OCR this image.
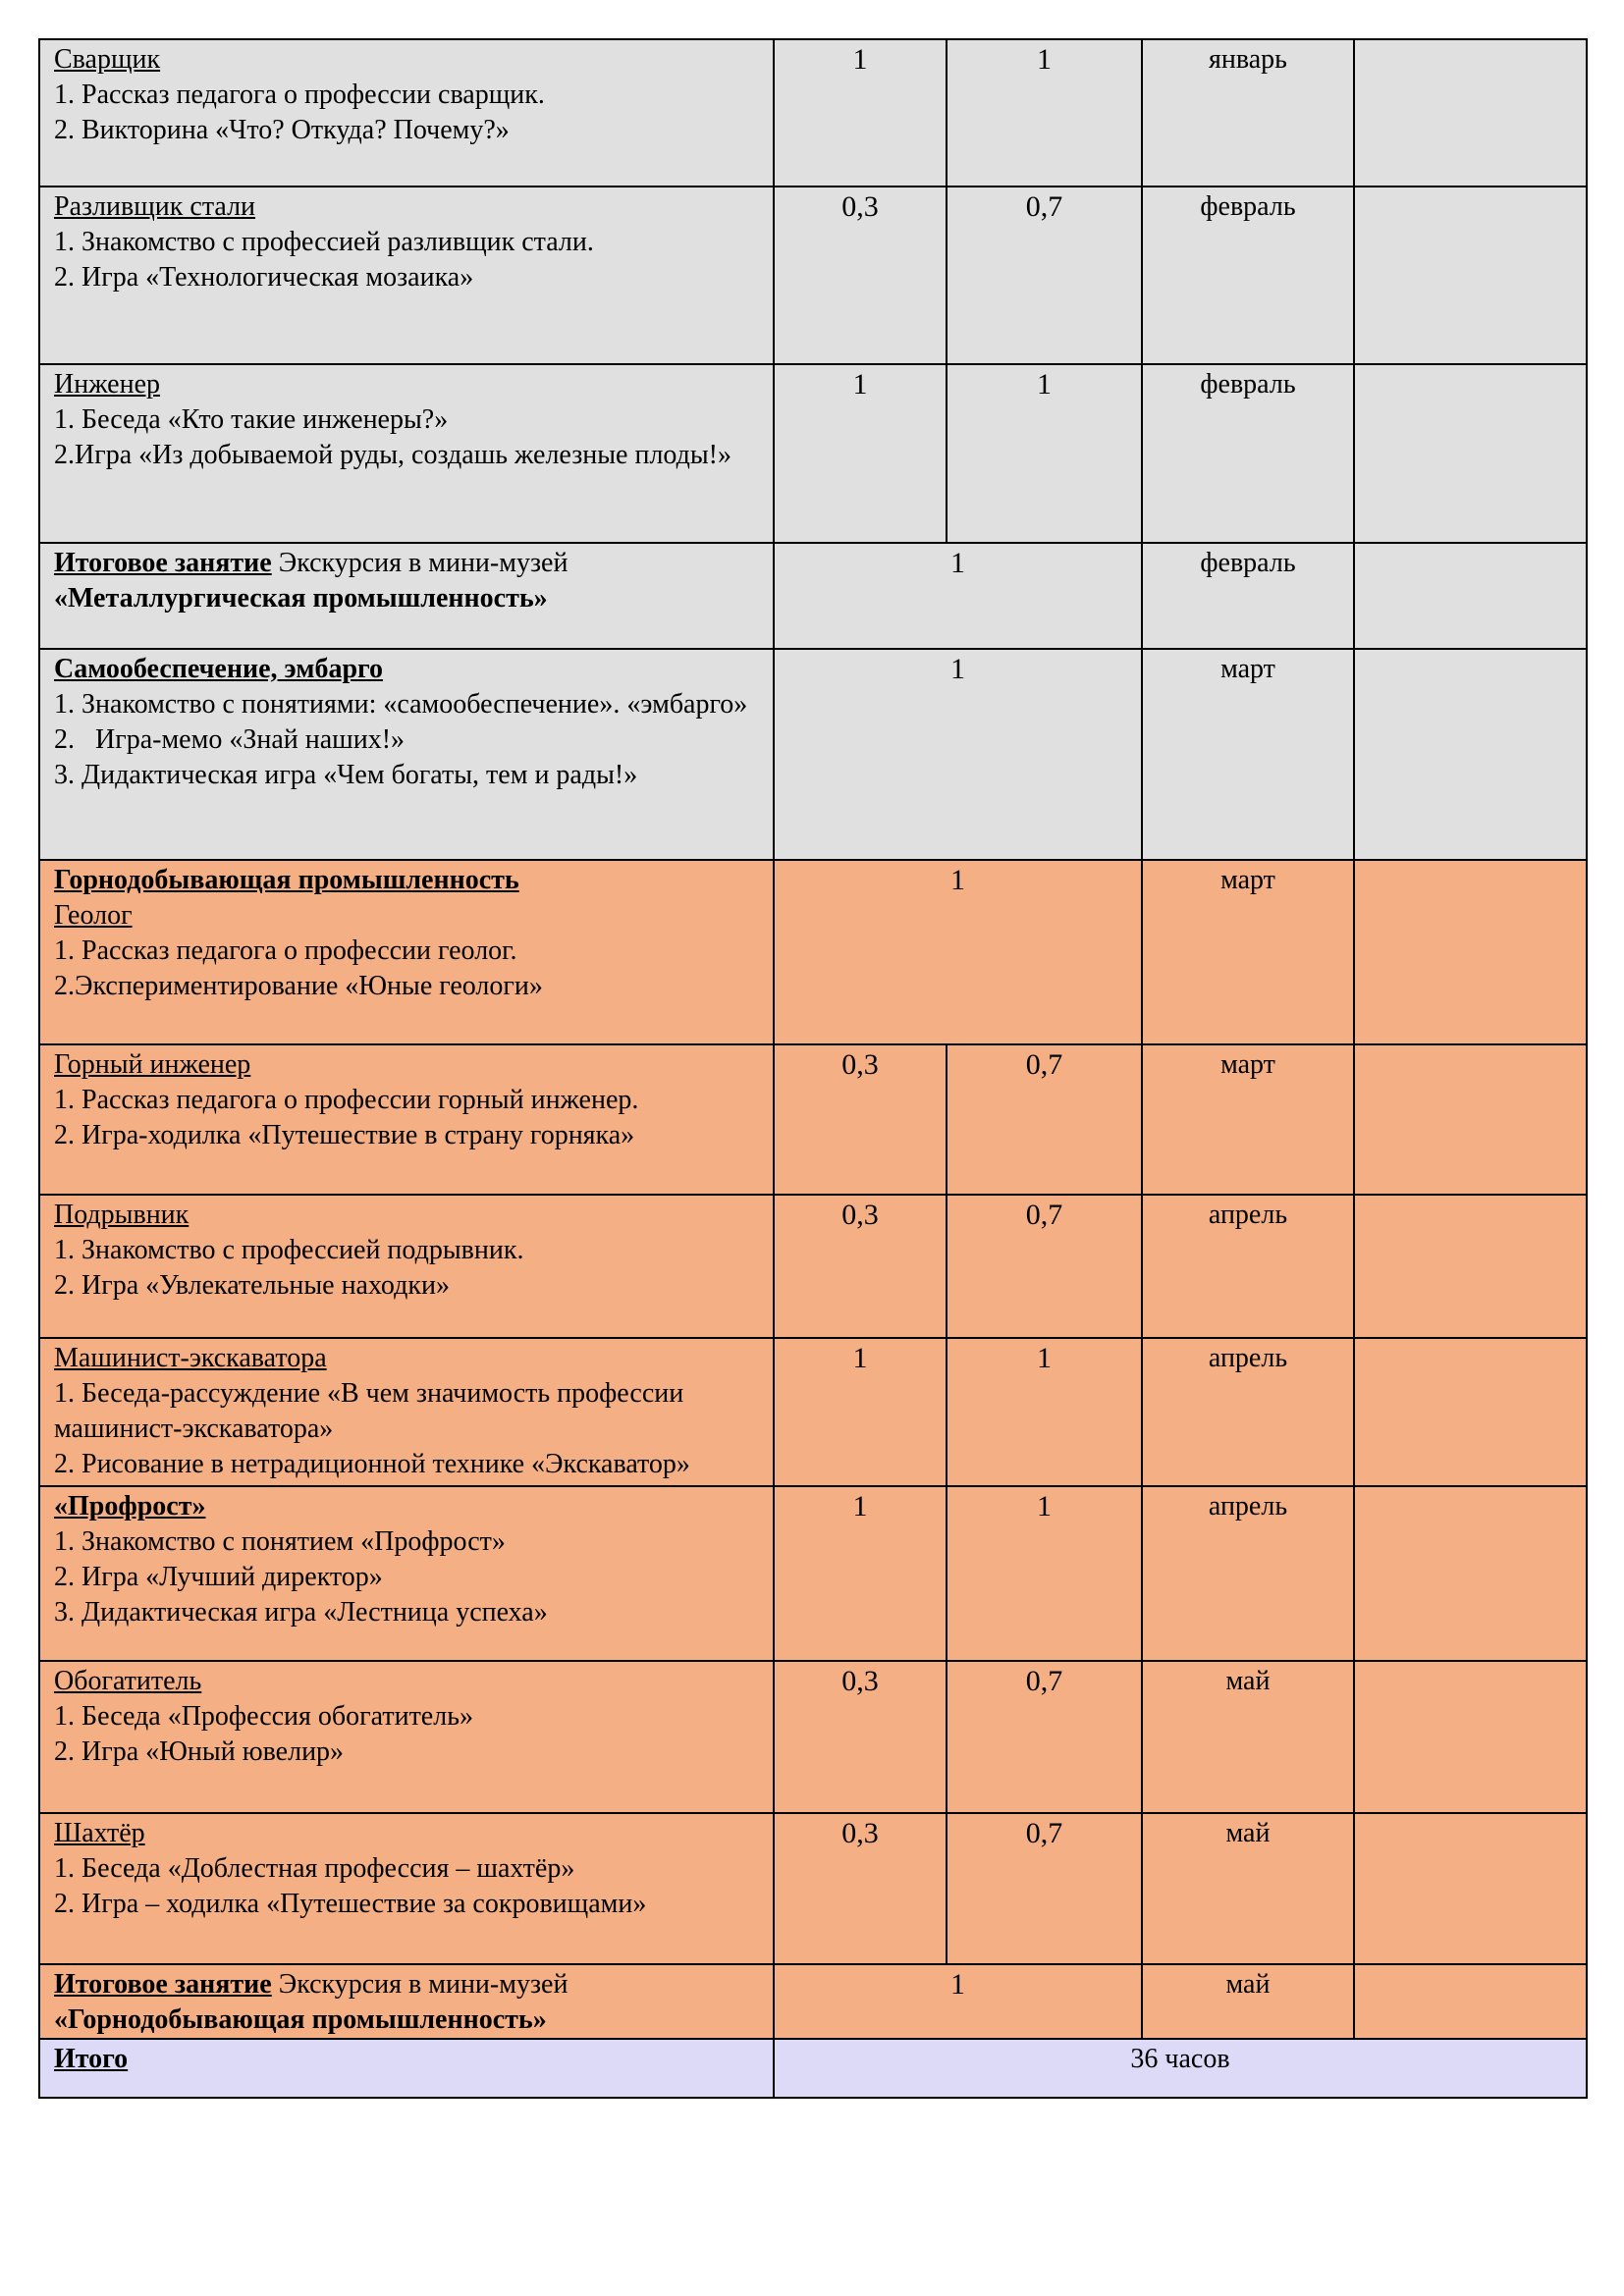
Сварщик
1. Рассказ педагога о профессии сварщик.
2. Викторина «Что? Откуда? Почему?»	1	1	январь	

Разливщик стали
1. Знакомство с профессией разливщик стали.
2. Игра «Технологическая мозаика»	0,3	0,7	февраль	

Инженер
1. Беседа «Кто такие инженеры?»
2.Игра «Из добываемой руды, создашь железные плоды!»	1	1	февраль	

Итоговое занятие Экскурсия в мини-музей
«Металлургическая промышленность»	1		февраль	

Самообеспечение, эмбарго
1. Знакомство с понятиями: «самообеспечение». «эмбарго»
2.   Игра-мемо «Знай наших!»
3. Дидактическая игра «Чем богаты, тем и рады!»	1		март	

Горнодобывающая промышленность
Геолог
1. Рассказ педагога о профессии геолог.
2.Экспериментирование «Юные геологи»	1		март	

Горный инженер
1. Рассказ педагога о профессии горный инженер.
2. Игра-ходилка «Путешествие в страну горняка»	0,3	0,7	март	

Подрывник
1. Знакомство с профессией подрывник.
2. Игра «Увлекательные находки»	0,3	0,7	апрель	

Машинист-экскаватора
1. Беседа-рассуждение «В чем значимость профессии машинист-экскаватора»
2. Рисование в нетрадиционной технике «Экскаватор»	1	1	апрель	

«Профрост»
1. Знакомство с понятием «Профрост»
2. Игра «Лучший директор»
3. Дидактическая игра «Лестница успеха»	1	1	апрель	

Обогатитель
1. Беседа «Профессия обогатитель»
2. Игра «Юный ювелир»	0,3	0,7	май	

Шахтёр
1. Беседа «Доблестная профессия – шахтёр»
2. Игра – ходилка «Путешествие за сокровищами»	0,3	0,7	май	

Итоговое занятие Экскурсия в мини-музей
«Горнодобывающая промышленность»	1		май	

Итого	36 часов			
